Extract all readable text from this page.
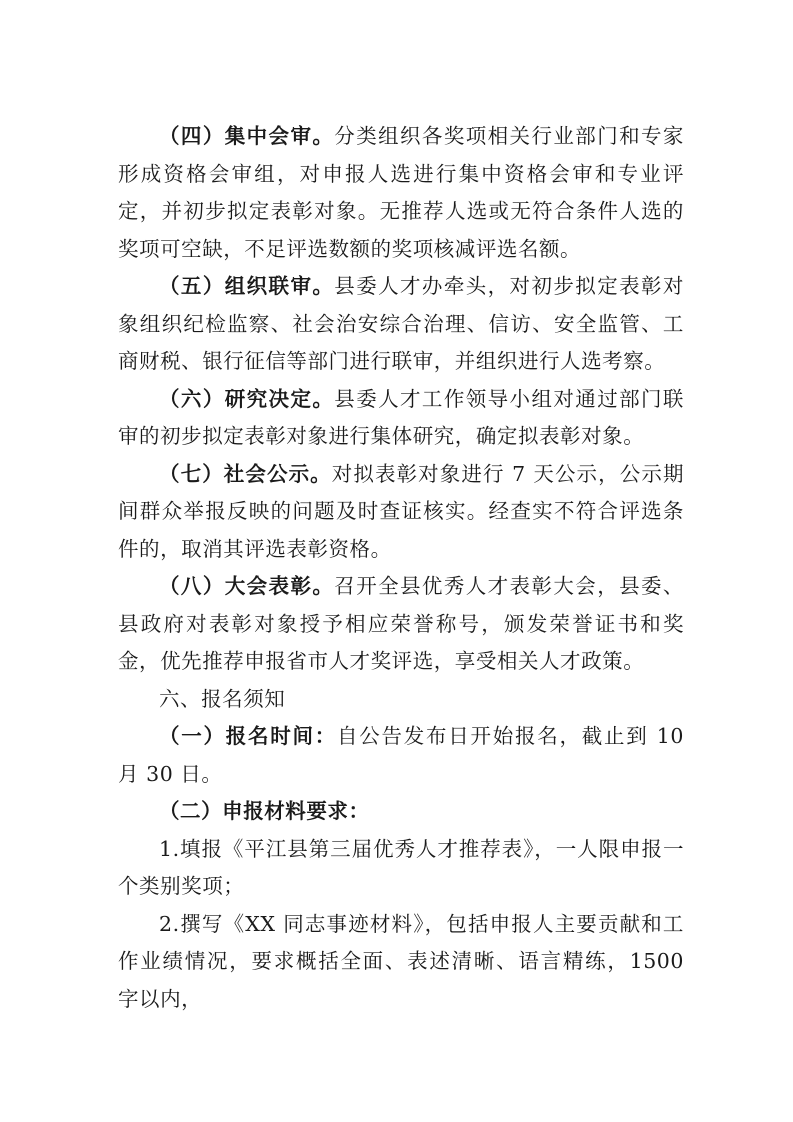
（四）集中会审。分类组织各奖项相关行业部门和专家形成资格会审组，对申报人选进行集中资格会审和专业评定，并初步拟定表彰对象。无推荐人选或无符合条件人选的奖项可空缺，不足评选数额的奖项核减评选名额。

（五）组织联审。县委人才办牵头，对初步拟定表彰对象组织纪检监察、社会治安综合治理、信访、安全监管、工商财税、银行征信等部门进行联审，并组织进行人选考察。

（六）研究决定。县委人才工作领导小组对通过部门联审的初步拟定表彰对象进行集体研究，确定拟表彰对象。

（七）社会公示。对拟表彰对象进行 7 天公示，公示期间群众举报反映的问题及时查证核实。经查实不符合评选条件的，取消其评选表彰资格。

（八）大会表彰。召开全县优秀人才表彰大会，县委、县政府对表彰对象授予相应荣誉称号，颁发荣誉证书和奖金，优先推荐申报省市人才奖评选，享受相关人才政策。

六、报名须知

（一）报名时间：自公告发布日开始报名，截止到 10 月 30 日。

（二）申报材料要求：

1.填报《平江县第三届优秀人才推荐表》，一人限申报一个类别奖项；

2.撰写《XX 同志事迹材料》，包括申报人主要贡献和工作业绩情况，要求概括全面、表述清晰、语言精练，1500 字以内，
